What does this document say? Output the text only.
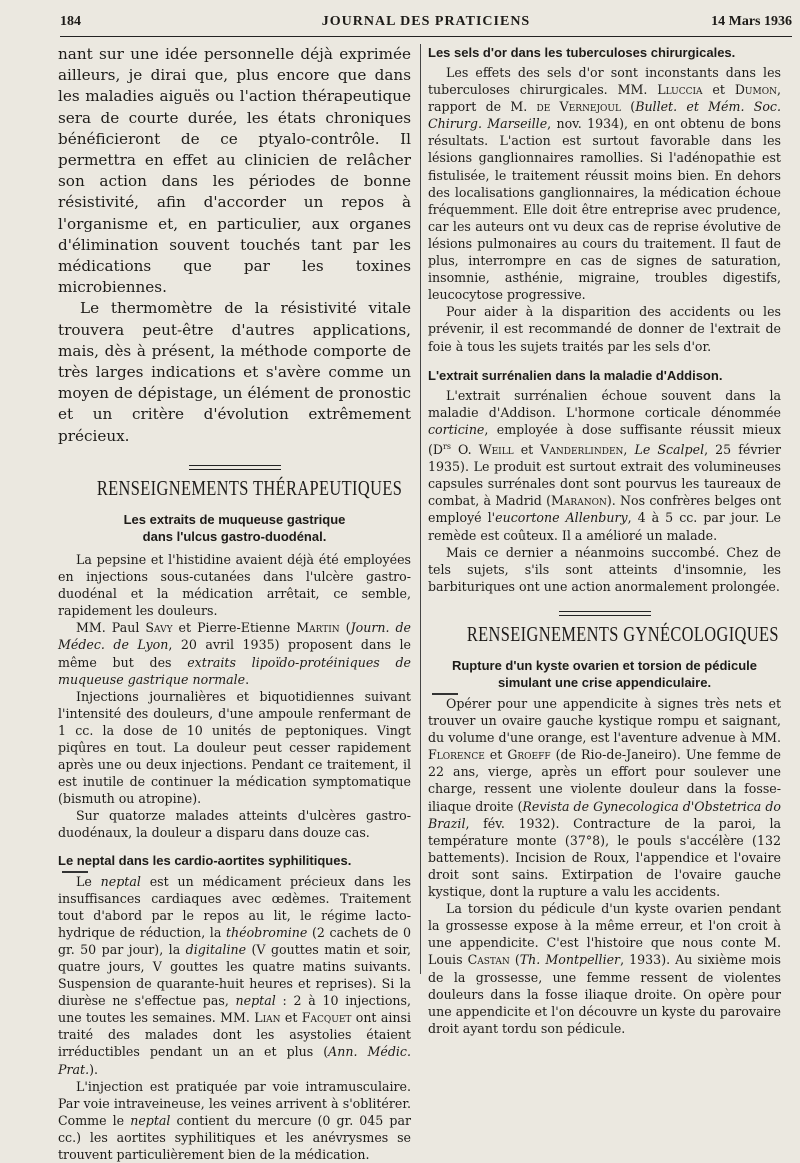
184	JOURNAL DES PRATICIENS	14 Mars 1936

nant sur une idée personnelle déjà exprimée ailleurs, je dirai que, plus encore que dans les maladies aiguës ou l'action thérapeutique sera de courte durée, les états chroniques bénéficieront de ce ptyalo-contrôle. Il permettra en effet au clinicien de relâcher son action dans les périodes de bonne résistivité, afin d'accorder un repos à l'organisme et, en particulier, aux organes d'élimination souvent touchés tant par les médications que par les toxines microbiennes.

Le thermomètre de la résistivité vitale trouvera peut-être d'autres applications, mais, dès à présent, la méthode comporte de très larges indications et s'avère comme un moyen de dépistage, un élément de pronostic et un critère d'évolution extrêmement précieux.

RENSEIGNEMENTS THÉRAPEUTIQUES
Les extraits de muqueuse gastrique
dans l'ulcus gastro-duodénal.

La pepsine et l'histidine avaient déjà été employées en injections sous-cutanées dans l'ulcère gastro-duodénal et la médication arrêtait, ce semble, rapidement les douleurs.

MM. Paul Savy et Pierre-Etienne Martin (Journ. de Médec. de Lyon, 20 avril 1935) proposent dans le même but des extraits lipoïdo-protéiniques de muqueuse gastrique normale.

Injections journalières et biquotidiennes suivant l'intensité des douleurs, d'une ampoule renfermant de 1 cc. la dose de 10 unités de peptoniques. Vingt piqûres en tout. La douleur peut cesser rapidement après une ou deux injections. Pendant ce traitement, il est inutile de continuer la médication symptomatique (bismuth ou atropine).

Sur quatorze malades atteints d'ulcères gastro-duodénaux, la douleur a disparu dans douze cas.

Le neptal dans les cardio-aortites syphilitiques.

Le neptal est un médicament précieux dans les insuffisances cardiaques avec œdèmes. Traitement tout d'abord par le repos au lit, le régime lacto-hydrique de réduction, la théobromine (2 cachets de 0 gr. 50 par jour), la digitaline (V gouttes matin et soir, quatre jours, V gouttes les quatre matins suivants. Suspension de quarante-huit heures et reprises). Si la diurèse ne s'effectue pas, neptal : 2 à 10 injections, une toutes les semaines. MM. Lian et Facquet ont ainsi traité des malades dont les asystolies étaient irréductibles pendant un an et plus (Ann. Médic. Prat.).

L'injection est pratiquée par voie intramusculaire. Par voie intraveineuse, les veines arrivent à s'oblitérer. Comme le neptal contient du mercure (0 gr. 045 par cc.) les aortites syphilitiques et les anévrysmes se trouvent particulièrement bien de la médication.

Les sels d'or dans les tuberculoses chirurgicales.

Les effets des sels d'or sont inconstants dans les tuberculoses chirurgicales. MM. Lluccia et Dumon, rapport de M. de Vernejoul (Bullet. et Mém. Soc. Chirurg. Marseille, nov. 1934), en ont obtenu de bons résultats. L'action est surtout favorable dans les lésions ganglionnaires ramollies. Si l'adénopathie est fistulisée, le traitement réussit moins bien. En dehors des localisations ganglionnaires, la médication échoue fréquemment. Elle doit être entreprise avec prudence, car les auteurs ont vu deux cas de reprise évolutive de lésions pulmonaires au cours du traitement. Il faut de plus, interrompre en cas de signes de saturation, insomnie, asthénie, migraine, troubles digestifs, leucocytose progressive.

Pour aider à la disparition des accidents ou les prévenir, il est recommandé de donner de l'extrait de foie à tous les sujets traités par les sels d'or.

L'extrait surrénalien dans la maladie d'Addison.

L'extrait surrénalien échoue souvent dans la maladie d'Addison. L'hormone corticale dénommée corticine, employée à dose suffisante réussit mieux ($D^{rs}$ O. Weill et Vanderlinden, Le Scalpel, 25 février 1935). Le produit est surtout extrait des volumineuses capsules surrénales dont sont pourvus les taureaux de combat, à Madrid (Maranon). Nos confrères belges ont employé l'eucortone Allenbury, 4 à 5 cc. par jour. Le remède est coûteux. Il a amélioré un malade.

Mais ce dernier a néanmoins succombé. Chez de tels sujets, s'ils sont atteints d'insomnie, les barbituriques ont une action anormalement prolongée.

RENSEIGNEMENTS GYNÉCOLOGIQUES
Rupture d'un kyste ovarien et torsion de pédicule
simulant une crise appendiculaire.

Opérer pour une appendicite à signes très nets et trouver un ovaire gauche kystique rompu et saignant, du volume d'une orange, est l'aventure advenue à MM. Florence et Groeff (de Rio-de-Janeiro). Une femme de 22 ans, vierge, après un effort pour soulever une charge, ressent une violente douleur dans la fosse-iliaque droite (Revista de Gynecologica d'Obstetrica do Brazil, fév. 1932). Contracture de la paroi, la température monte (37°8), le pouls s'accélère (132 battements). Incision de Roux, l'appendice et l'ovaire droit sont sains. Extirpation de l'ovaire gauche kystique, dont la rupture a valu les accidents.

La torsion du pédicule d'un kyste ovarien pendant la grossesse expose à la même erreur, et l'on croit à une appendicite. C'est l'histoire que nous conte M. Louis Castan (Th. Montpellier, 1933). Au sixième mois de la grossesse, une femme ressent de violentes douleurs dans la fosse iliaque droite. On opère pour une appendicite et l'on découvre un kyste du parovaire droit ayant tordu son pédicule.
